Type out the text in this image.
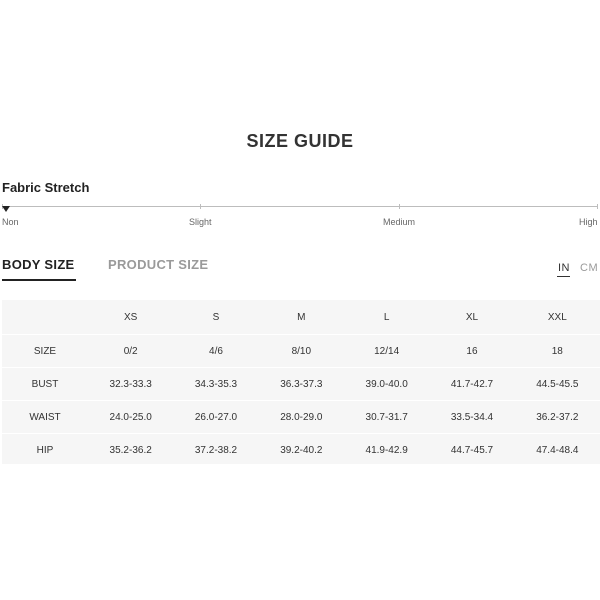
SIZE GUIDE
Fabric Stretch
Non	Slight	Medium	High
BODY SIZE	PRODUCT SIZE	IN CM
	XS	S	M	L	XL	XXL
SIZE	0/2	4/6	8/10	12/14	16	18
BUST	32.3-33.3	34.3-35.3	36.3-37.3	39.0-40.0	41.7-42.7	44.5-45.5
WAIST	24.0-25.0	26.0-27.0	28.0-29.0	30.7-31.7	33.5-34.4	36.2-37.2
HIP	35.2-36.2	37.2-38.2	39.2-40.2	41.9-42.9	44.7-45.7	47.4-48.4
